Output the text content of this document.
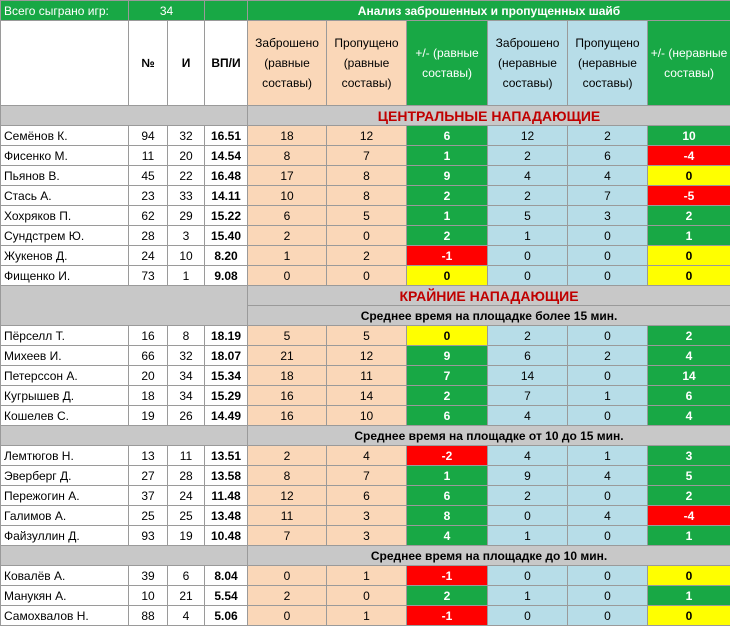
Всего сыграно игр:	34			Анализ заброшенных и пропущенных шайб					
	№	И	ВП/И	Заброшено (равные составы)	Пропущено (равные составы)	+/- (равные составы)	Заброшено (неравные составы)	Пропущено (неравные составы)	+/- (неравные составы)
				ЦЕНТРАЛЬНЫЕ НАПАДАЮЩИЕ					
Семёнов К.	94	32	16.51	18	12	6	12	2	10
Фисенко М.	11	20	14.54	8	7	1	2	6	-4
Пьянов В.	45	22	16.48	17	8	9	4	4	0
Стась А.	23	33	14.11	10	8	2	2	7	-5
Хохряков П.	62	29	15.22	6	5	1	5	3	2
Сундстрем Ю.	28	3	15.40	2	0	2	1	0	1
Жукенов Д.	24	10	8.20	1	2	-1	0	0	0
Фищенко И.	73	1	9.08	0	0	0	0	0	0
				КРАЙНИЕ НАПАДАЮЩИЕ					
				Среднее время на площадке более 15 мин.					
Пёрселл Т.	16	8	18.19	5	5	0	2	0	2
Михеев И.	66	32	18.07	21	12	9	6	2	4
Петерссон А.	20	34	15.34	18	11	7	14	0	14
Кугрышев Д.	18	34	15.29	16	14	2	7	1	6
Кошелев С.	19	26	14.49	16	10	6	4	0	4
				Среднее время на площадке от 10 до 15 мин.					
Лемтюгов Н.	13	11	13.51	2	4	-2	4	1	3
Эверберг Д.	27	28	13.58	8	7	1	9	4	5
Пережогин А.	37	24	11.48	12	6	6	2	0	2
Галимов А.	25	25	13.48	11	3	8	0	4	-4
Файзуллин Д.	93	19	10.48	7	3	4	1	0	1
				Среднее время на площадке до 10 мин.					
Ковалёв А.	39	6	8.04	0	1	-1	0	0	0
Манукян А.	10	21	5.54	2	0	2	1	0	1
Самохвалов Н.	88	4	5.06	0	1	-1	0	0	0
